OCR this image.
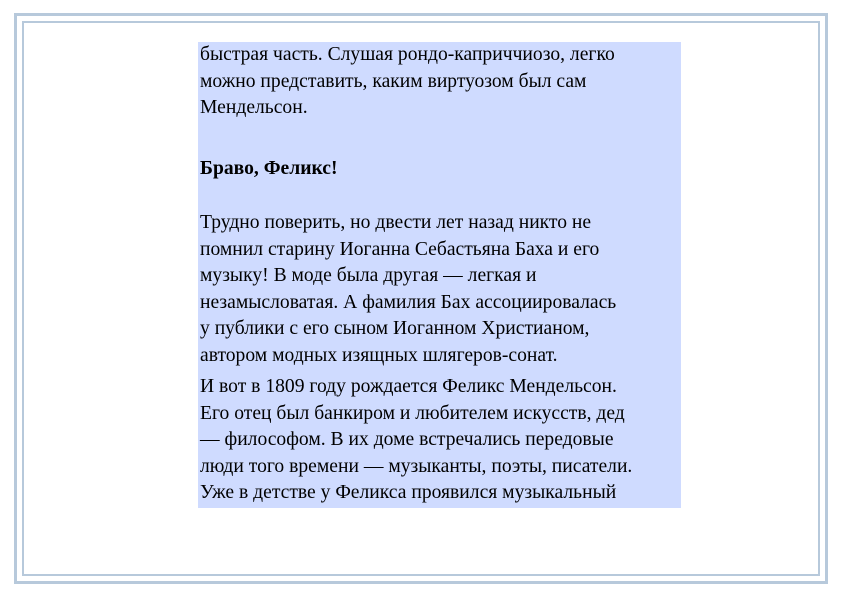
быстрая часть. Слушая рондо-каприччиозо, легко
можно представить, каким виртуозом был сам
Мендельсон.

Браво, Феликс!

Трудно поверить, но двести лет назад никто не
помнил старину Иоганна Себастьяна Баха и его
музыку! В моде была другая — легкая и
незамысловатая. А фамилия Бах ассоциировалась
у публики с его сыном Иоганном Христианом,
автором модных изящных шлягеров-сонат.

И вот в 1809 году рождается Феликс Мендельсон.
Его отец был банкиром и любителем искусств, дед
— философом. В их доме встречались передовые
люди того времени — музыканты, поэты, писатели.
Уже в детстве у Феликса проявился музыкальный
